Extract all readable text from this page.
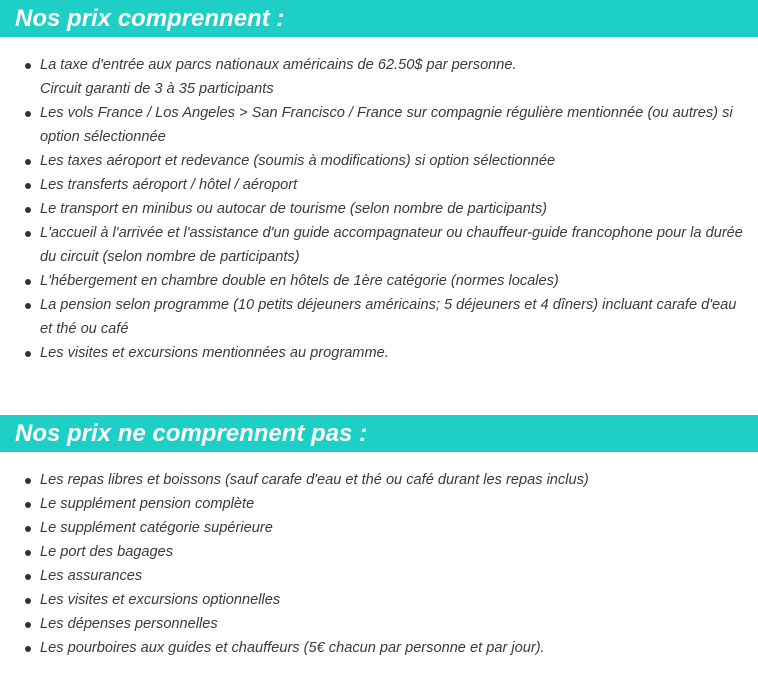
Nos prix comprennent :
La taxe d'entrée aux parcs nationaux américains de 62.50$ par personne.
Circuit garanti de 3 à 35 participants
Les vols France / Los Angeles > San Francisco / France sur compagnie régulière mentionnée (ou autres) si option sélectionnée
Les taxes aéroport et redevance (soumis à modifications) si option sélectionnée
Les transferts aéroport / hôtel / aéroport
Le transport en minibus ou autocar de tourisme (selon nombre de participants)
L'accueil à l'arrivée et l'assistance d'un guide accompagnateur ou chauffeur-guide francophone pour la durée du circuit (selon nombre de participants)
L'hébergement en chambre double en hôtels de 1ère catégorie (normes locales)
La pension selon programme (10 petits déjeuners américains; 5 déjeuners et 4 dîners) incluant carafe d'eau et thé ou café
Les visites et excursions mentionnées au programme.
Nos prix ne comprennent pas :
Les repas libres et boissons (sauf carafe d'eau et thé ou café durant les repas inclus)
Le supplément pension complète
Le supplément catégorie supérieure
Le port des bagages
Les assurances
Les visites et excursions optionnelles
Les dépenses personnelles
Les pourboires aux guides et chauffeurs (5€ chacun par personne et par jour).
